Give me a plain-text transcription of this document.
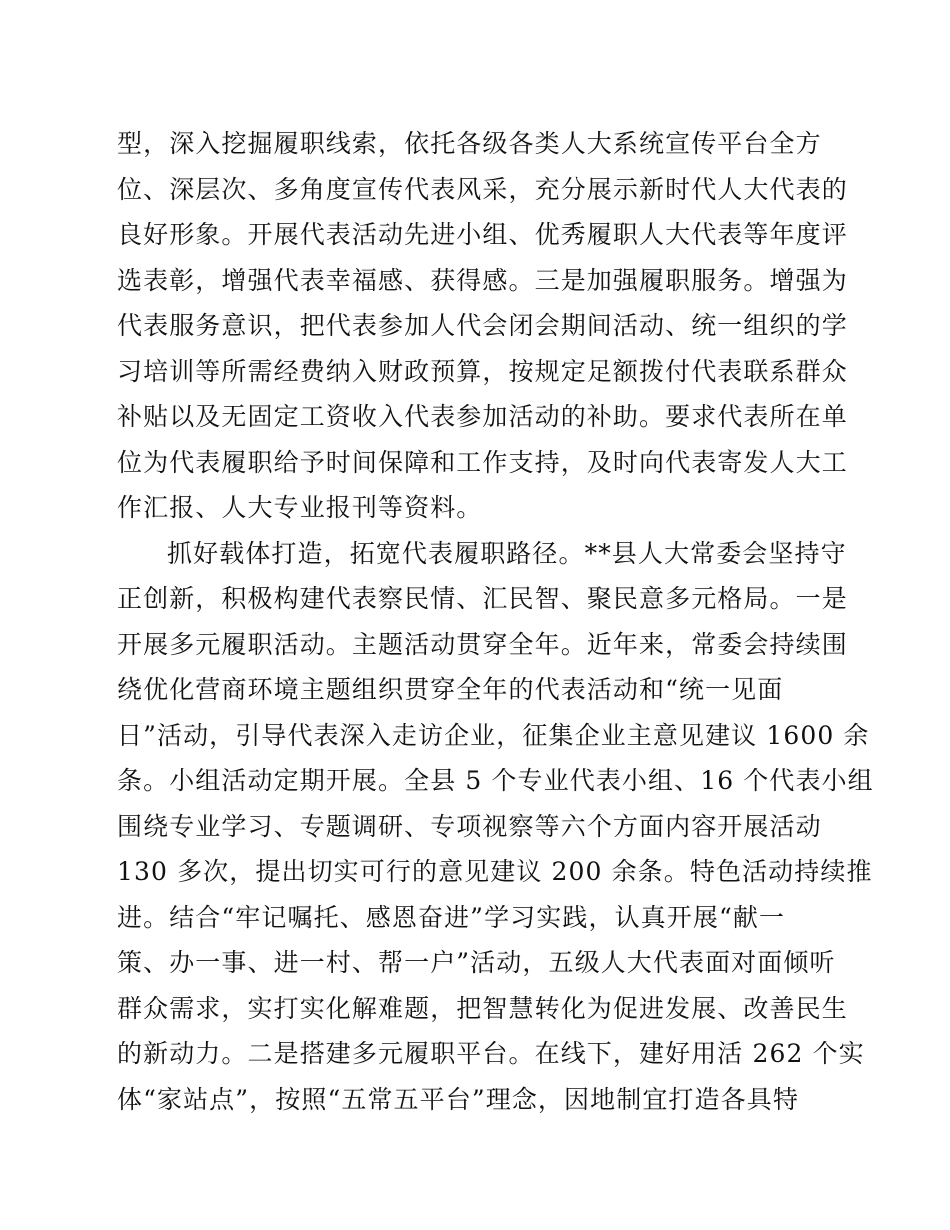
型，深入挖掘履职线索，依托各级各类人大系统宣传平台全方
位、深层次、多角度宣传代表风采，充分展示新时代人大代表的
良好形象。开展代表活动先进小组、优秀履职人大代表等年度评
选表彰，增强代表幸福感、获得感。三是加强履职服务。增强为
代表服务意识，把代表参加人代会闭会期间活动、统一组织的学
习培训等所需经费纳入财政预算，按规定足额拨付代表联系群众
补贴以及无固定工资收入代表参加活动的补助。要求代表所在单
位为代表履职给予时间保障和工作支持，及时向代表寄发人大工
作汇报、人大专业报刊等资料。
抓好载体打造，拓宽代表履职路径。**县人大常委会坚持守
正创新，积极构建代表察民情、汇民智、聚民意多元格局。一是
开展多元履职活动。主题活动贯穿全年。近年来，常委会持续围
绕优化营商环境主题组织贯穿全年的代表活动和“统一见面
日”活动，引导代表深入走访企业，征集企业主意见建议 1600 余
条。小组活动定期开展。全县 5 个专业代表小组、16 个代表小组
围绕专业学习、专题调研、专项视察等六个方面内容开展活动
130 多次，提出切实可行的意见建议 200 余条。特色活动持续推
进。结合“牢记嘱托、感恩奋进”学习实践，认真开展“献一
策、办一事、进一村、帮一户”活动，五级人大代表面对面倾听
群众需求，实打实化解难题，把智慧转化为促进发展、改善民生
的新动力。二是搭建多元履职平台。在线下，建好用活 262 个实
体“家站点”，按照“五常五平台”理念，因地制宜打造各具特
